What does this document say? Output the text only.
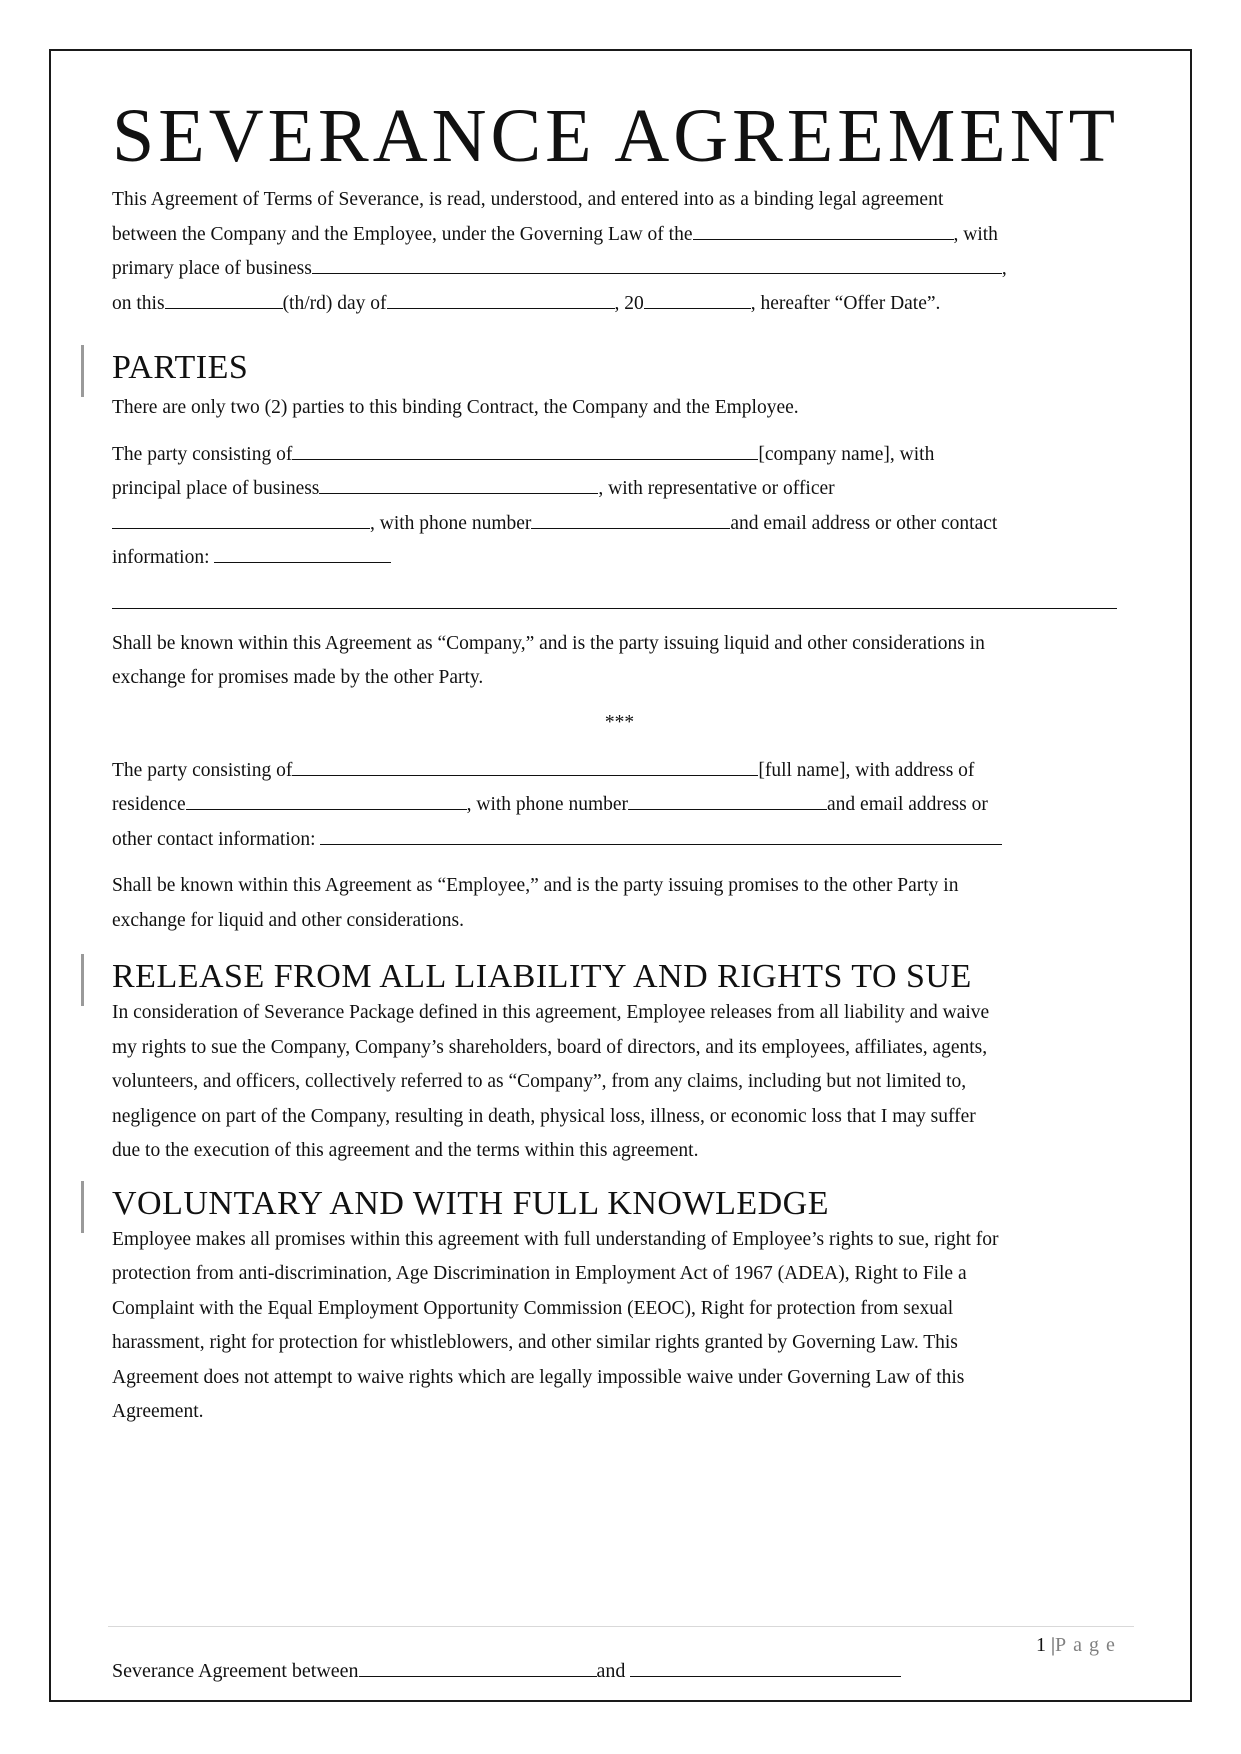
SEVERANCE AGREEMENT
This Agreement of Terms of Severance, is read, understood, and entered into as a binding legal agreement
between the Company and the Employee, under the Governing Law of the	, with
primary place of business	,
on this	(th/rd) day of	, 20	, hereafter “Offer Date”.
PARTIES

There are only two (2) parties to this binding Contract, the Company and the Employee.

The party consisting of	[company name], with
principal place of business	, with representative or officer
, with phone number	and email address or other contact
information:
Shall be known within this Agreement as “Company,” and is the party issuing liquid and other considerations in
exchange for promises made by the other Party.
***
The party consisting of	[full name], with address of
residence	, with phone number	and email address or
other contact information:
Shall be known within this Agreement as “Employee,” and is the party issuing promises to the other Party in
exchange for liquid and other considerations.
RELEASE FROM ALL LIABILITY AND RIGHTS TO SUE
In consideration of Severance Package defined in this agreement, Employee releases from all liability and waive
my rights to sue the Company, Company’s shareholders, board of directors, and its employees, affiliates, agents,
volunteers, and officers, collectively referred to as “Company”, from any claims, including but not limited to,
negligence on part of the Company, resulting in death, physical loss, illness, or economic loss that I may suffer
due to the execution of this agreement and the terms within this agreement.
VOLUNTARY AND WITH FULL KNOWLEDGE
Employee makes all promises within this agreement with full understanding of Employee’s rights to sue, right for
protection from anti-discrimination, Age Discrimination in Employment Act of 1967 (ADEA), Right to File a
Complaint with the Equal Employment Opportunity Commission (EEOC), Right for protection from sexual
harassment, right for protection for whistleblowers, and other similar rights granted by Governing Law. This
Agreement does not attempt to waive rights which are legally impossible waive under Governing Law of this
Agreement.
1 |Page
Severance Agreement between	and
